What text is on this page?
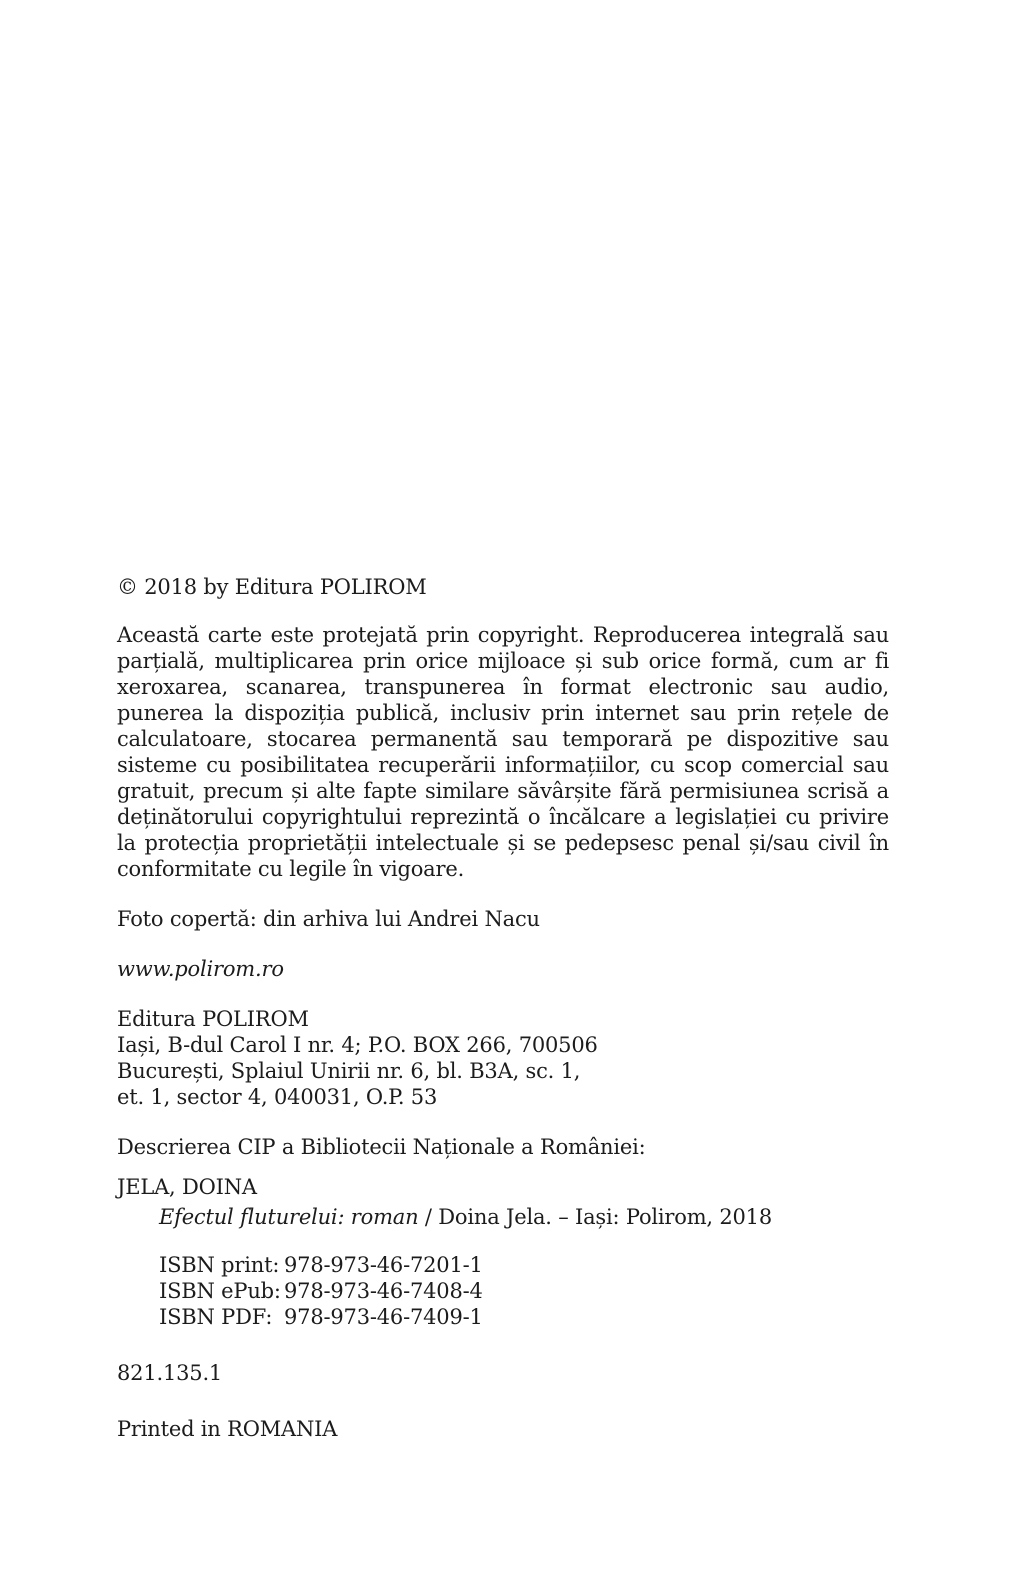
© 2018 by Editura POLIROM

Această carte este protejată prin copyright. Reproducerea integrală sau parțială, multiplicarea prin orice mijloace și sub orice formă, cum ar fi xeroxarea, scanarea, transpunerea în format electronic sau audio, punerea la dispoziția publică, inclusiv prin internet sau prin rețele de calculatoare, stocarea permanentă sau temporară pe dispozitive sau sisteme cu posibilitatea recuperării informațiilor, cu scop comercial sau gratuit, precum și alte fapte similare săvârșite fără permisiunea scrisă a deținătorului copyrightului reprezintă o încălcare a legislației cu privire la protecția proprietății intelectuale și se pedepsesc penal și/sau civil în conformitate cu legile în vigoare.

Foto copertă: din arhiva lui Andrei Nacu

www.polirom.ro

Editura POLIROM
Iași, B-dul Carol I nr. 4; P.O. BOX 266, 700506
București, Splaiul Unirii nr. 6, bl. B3A, sc. 1,
et. 1, sector 4, 040031, O.P. 53

Descrierea CIP a Bibliotecii Naționale a României:

JELA, DOINA

Efectul fluturelui: roman / Doina Jela. – Iași: Polirom, 2018

ISBN print: 978-973-46-7201-1
ISBN ePub: 978-973-46-7408-4
ISBN PDF: 978-973-46-7409-1

821.135.1

Printed in ROMANIA
